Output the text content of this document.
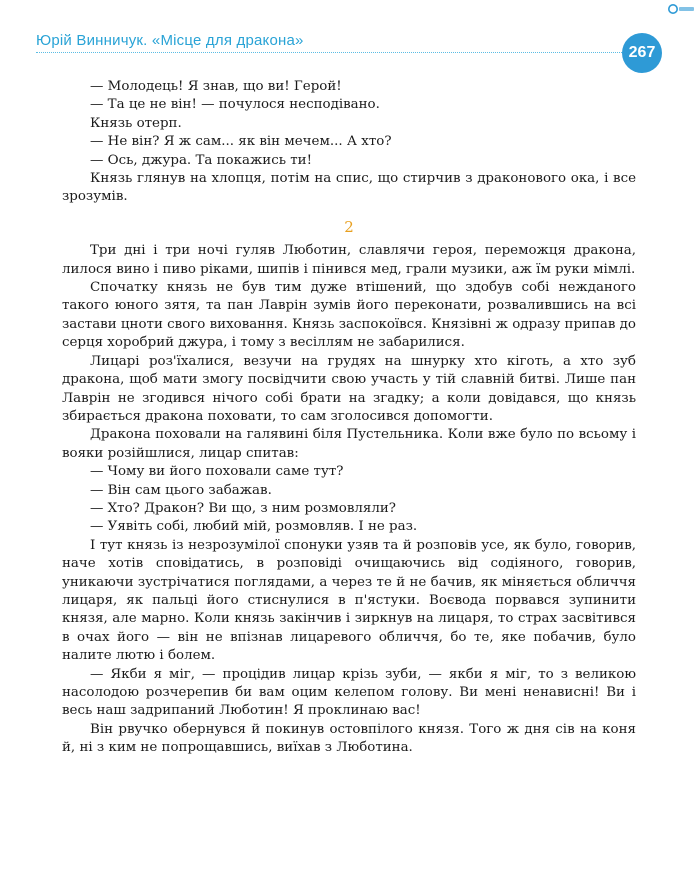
Юрій Винничук. «Місце для дракона»
267

— Молодець! Я знав, що ви! Герой!

— Та це не він! — почулося несподівано.

Князь отерп.

— Не він? Я ж сам... як він мечем... А хто?

— Ось, джура. Та покажись ти!

Князь глянув на хлопця, потім на спис, що стирчив з драконового ока, і все зрозумів.

2

Три дні і три ночі гуляв Люботин, славлячи героя, переможця дракона, лилося вино і пиво ріками, шипів і пінився мед, грали музики, аж їм руки мімлі.

Спочатку князь не був тим дуже втішений, що здобув собі нежданого такого юного зятя, та пан Лаврін зумів його переконати, розвалившись на всі застави цноти свого виховання. Князь заспокоївся. Князівні ж одразу припав до серця хоробрий джура, і тому з весіллям не забарилися.

Лицарі роз'їхалися, везучи на грудях на шнурку хто кіготь, а хто зуб дракона, щоб мати змогу посвідчити свою участь у тій славній битві. Лише пан Лаврін не згодився нічого собі брати на згадку; а коли довідався, що князь збирається дракона поховати, то сам зголосився допомогти.

Дракона поховали на галявині біля Пустельника. Коли вже було по всьому і вояки розійшлися, лицар спитав:

— Чому ви його поховали саме тут?

— Він сам цього забажав.

— Хто? Дракон? Ви що, з ним розмовляли?

— Уявіть собі, любий мій, розмовляв. І не раз.

І тут князь із незрозумілої спонуки узяв та й розповів усе, як було, говорив, наче хотів сповідатись, в розповіді очищаючись від содіяного, говорив, уникаючи зустрічатися поглядами, а через те й не бачив, як міняється обличчя лицаря, як пальці його стиснулися в п'ястуки. Воєвода порвався зупинити князя, але марно. Коли князь закінчив і зиркнув на лицаря, то страх засвітився в очах його — він не впізнав лицаревого обличчя, бо те, яке побачив, було налите лютю і болем.

— Якби я міг, — процідив лицар крізь зуби, — якби я міг, то з великою насолодою розчерепив би вам оцим келепом голову. Ви мені ненависні! Ви і весь наш задрипаний Люботин! Я проклинаю вас!

Він рвучко обернувся й покинув остовпілого князя. Того ж дня сів на коня й, ні з ким не попрощавшись, виїхав з Люботина.
